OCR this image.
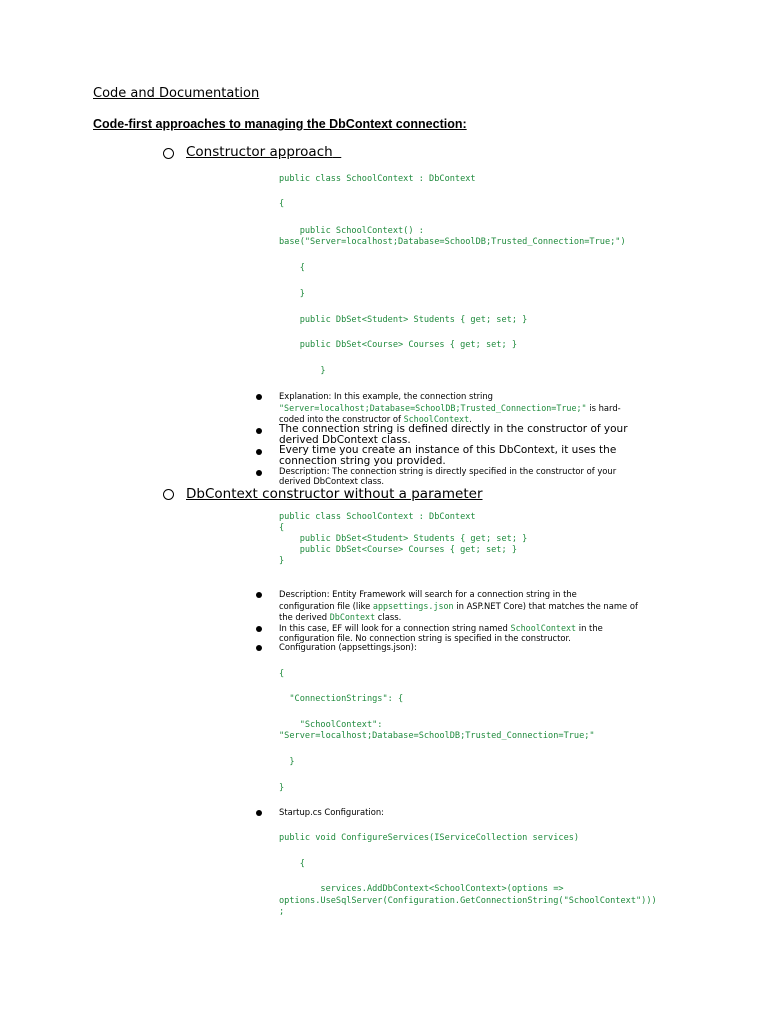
Code and Documentation
Code-first approaches to managing the DbContext connection:
Constructor approach
public class SchoolContext : DbContext
{
public SchoolContext() :
base("Server=localhost;Database=SchoolDB;Trusted_Connection=True;")
{
}
public DbSet<Student> Students { get; set; }
public DbSet<Course> Courses { get; set; }
}
Explanation: In this example, the connection string
"Server=localhost;Database=SchoolDB;Trusted_Connection=True;" is hard-
coded into the constructor of SchoolContext.
The connection string is defined directly in the constructor of your
derived DbContext class.
Every time you create an instance of this DbContext, it uses the
connection string you provided.
Description: The connection string is directly specified in the constructor of your
derived DbContext class.
DbContext constructor without a parameter
public class SchoolContext : DbContext
{
public DbSet<Student> Students { get; set; }
public DbSet<Course> Courses { get; set; }
}
Description: Entity Framework will search for a connection string in the
configuration file (like appsettings.json in ASP.NET Core) that matches the name of
the derived DbContext class.
In this case, EF will look for a connection string named SchoolContext in the
configuration file. No connection string is specified in the constructor.
Configuration (appsettings.json):
{
"ConnectionStrings": {
"SchoolContext":
"Server=localhost;Database=SchoolDB;Trusted_Connection=True;"
}
}
Startup.cs Configuration:
public void ConfigureServices(IServiceCollection services)
{
services.AddDbContext<SchoolContext>(options =>
options.UseSqlServer(Configuration.GetConnectionString("SchoolContext")))
;
